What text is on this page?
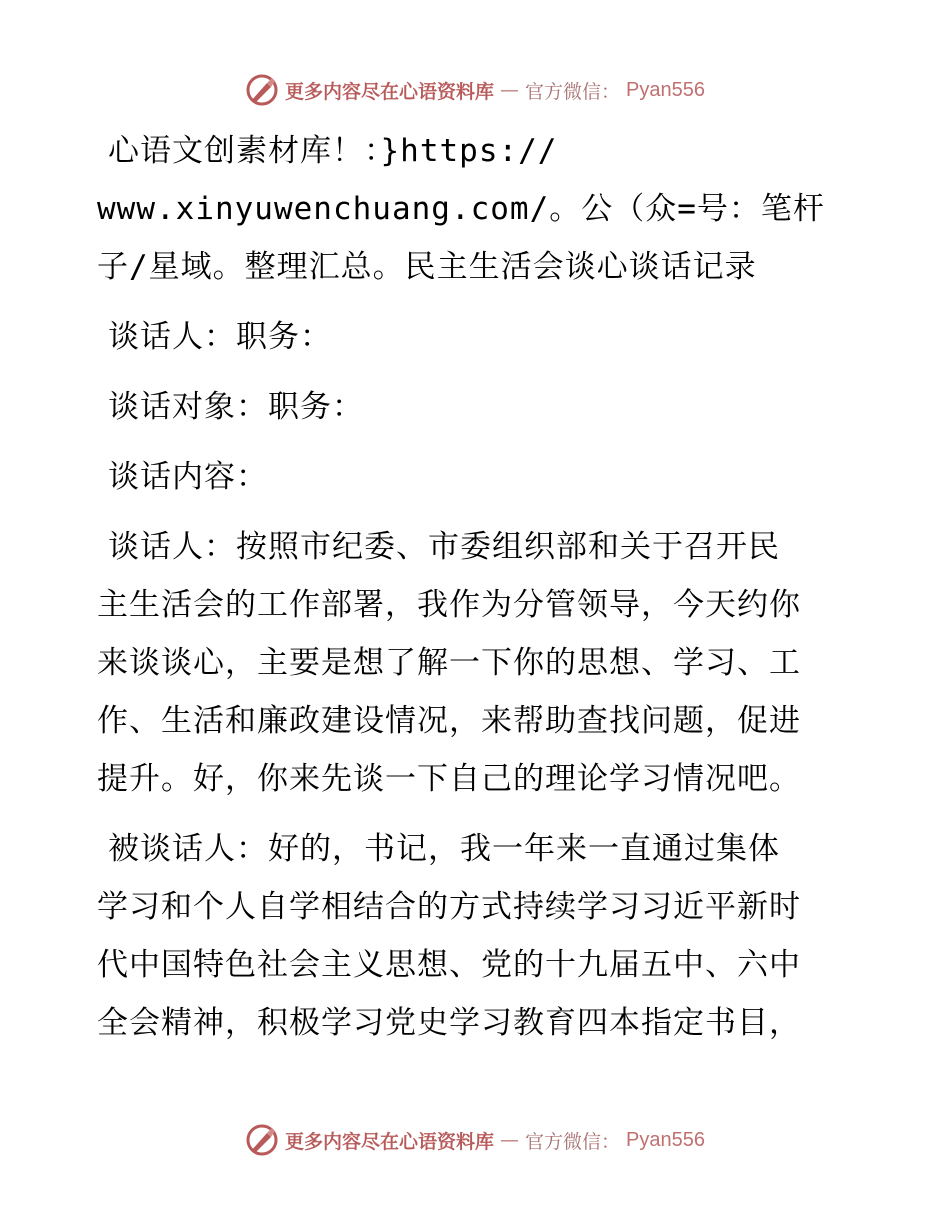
更多内容尽在心语资料库 — 官方微信： Pyan556
心语文创素材库！：}https://
www.xinyuwenchuang.com/。公（众=号：笔杆
子/星域。整理汇总。民主生活会谈心谈话记录
谈话人：职务：
谈话对象：职务：
谈话内容：
谈话人：按照市纪委、市委组织部和关于召开民
主生活会的工作部署，我作为分管领导，今天约你
来谈谈心，主要是想了解一下你的思想、学习、工
作、生活和廉政建设情况，来帮助查找问题，促进
提升。好，你来先谈一下自己的理论学习情况吧。
被谈话人：好的，书记，我一年来一直通过集体
学习和个人自学相结合的方式持续学习习近平新时
代中国特色社会主义思想、党的十九届五中、六中
全会精神，积极学习党史学习教育四本指定书目，
更多内容尽在心语资料库 — 官方微信： Pyan556
